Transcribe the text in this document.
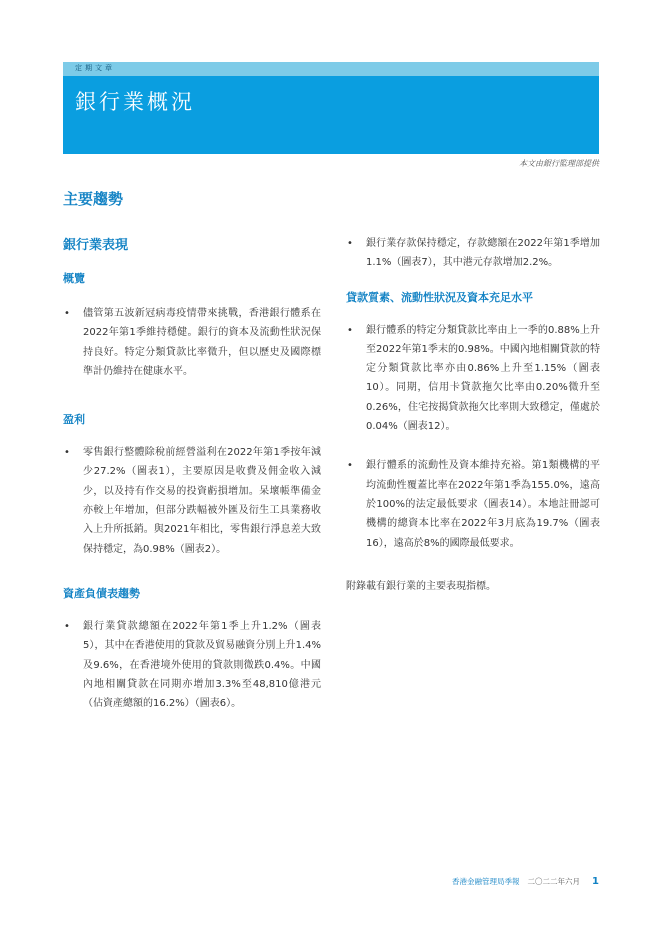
定期文章
銀行業概況
本文由銀行監理部提供
主要趨勢
銀行業表現
概覽
• 儘管第五波新冠病毒疫情帶來挑戰，香港銀行體系在2022年第1季維持穩健。銀行的資本及流動性狀況保持良好。特定分類貸款比率微升，但以歷史及國際標準計仍維持在健康水平。
盈利
• 零售銀行整體除稅前經營溢利在2022年第1季按年減少27.2%（圖表1），主要原因是收費及佣金收入減少，以及持有作交易的投資虧損增加。呆壞帳準備金亦較上年增加，但部分跌幅被外匯及衍生工具業務收入上升所抵銷。與2021年相比，零售銀行淨息差大致保持穩定，為0.98%（圖表2）。
資產負債表趨勢
• 銀行業貸款總額在2022年第1季上升1.2%（圖表5），其中在香港使用的貸款及貿易融資分別上升1.4%及9.6%，在香港境外使用的貸款則微跌0.4%。中國內地相關貸款在同期亦增加3.3%至48,810億港元（佔資產總額的16.2%）（圖表6）。
• 銀行業存款保持穩定，存款總額在2022年第1季增加1.1%（圖表7），其中港元存款增加2.2%。
貸款質素、流動性狀況及資本充足水平
• 銀行體系的特定分類貸款比率由上一季的0.88%上升至2022年第1季末的0.98%。中國內地相關貸款的特定分類貸款比率亦由0.86%上升至1.15%（圖表10）。同期，信用卡貸款拖欠比率由0.20%微升至0.26%，住宅按揭貸款拖欠比率則大致穩定，僅處於0.04%（圖表12）。
• 銀行體系的流動性及資本維持充裕。第1類機構的平均流動性覆蓋比率在2022年第1季為155.0%，遠高於100%的法定最低要求（圖表14）。本地註冊認可機構的總資本比率在2022年3月底為19.7%（圖表16），遠高於8%的國際最低要求。
附錄載有銀行業的主要表現指標。
香港金融管理局季報 二〇二二年六月 1
